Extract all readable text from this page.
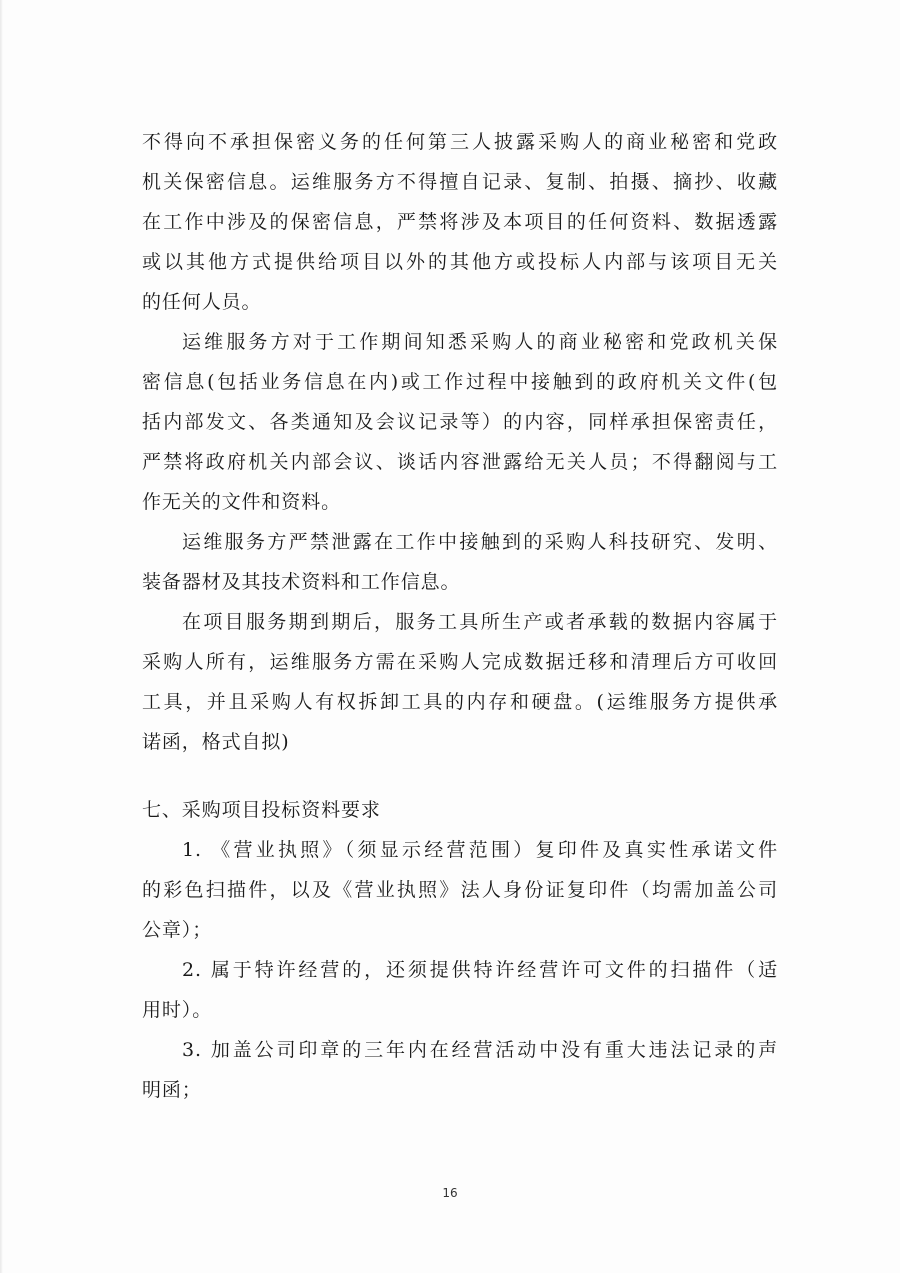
不得向不承担保密义务的任何第三人披露采购人的商业秘密和党政
机关保密信息。运维服务方不得擅自记录、复制、拍摄、摘抄、收藏
在工作中涉及的保密信息，严禁将涉及本项目的任何资料、数据透露
或以其他方式提供给项目以外的其他方或投标人内部与该项目无关
的任何人员。
运维服务方对于工作期间知悉采购人的商业秘密和党政机关保
密信息(包括业务信息在内)或工作过程中接触到的政府机关文件(包
括内部发文、各类通知及会议记录等）的内容，同样承担保密责任，
严禁将政府机关内部会议、谈话内容泄露给无关人员；不得翻阅与工
作无关的文件和资料。
运维服务方严禁泄露在工作中接触到的采购人科技研究、发明、
装备器材及其技术资料和工作信息。
在项目服务期到期后，服务工具所生产或者承载的数据内容属于
采购人所有，运维服务方需在采购人完成数据迁移和清理后方可收回
工具，并且采购人有权拆卸工具的内存和硬盘。(运维服务方提供承
诺函，格式自拟)
七、采购项目投标资料要求
1. 《营业执照》（须显示经营范围）复印件及真实性承诺文件
的彩色扫描件，以及《营业执照》法人身份证复印件（均需加盖公司
公章）；
2. 属于特许经营的，还须提供特许经营许可文件的扫描件（适
用时）。
3. 加盖公司印章的三年内在经营活动中没有重大违法记录的声
明函；
16
